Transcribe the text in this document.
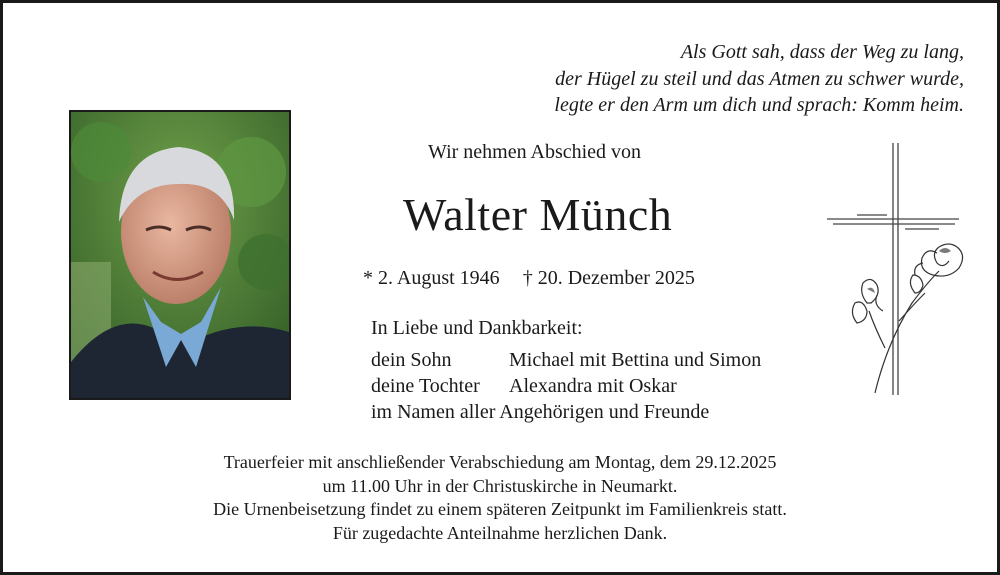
Als Gott sah, dass der Weg zu lang,
der Hügel zu steil und das Atmen zu schwer wurde,
legte er den Arm um dich und sprach: Komm heim.
Wir nehmen Abschied von
Walter Münch
* 2. August 1946 † 20. Dezember 2025
In Liebe und Dankbarkeit:
dein Sohn	Michael mit Bettina und Simon
deine Tochter Alexandra mit Oskar
im Namen aller Angehörigen und Freunde
Trauerfeier mit anschließender Verabschiedung am Montag, dem 29.12.2025
um 11.00 Uhr in der Christuskirche in Neumarkt.
Die Urnenbeisetzung findet zu einem späteren Zeitpunkt im Familienkreis statt.
Für zugedachte Anteilnahme herzlichen Dank.
